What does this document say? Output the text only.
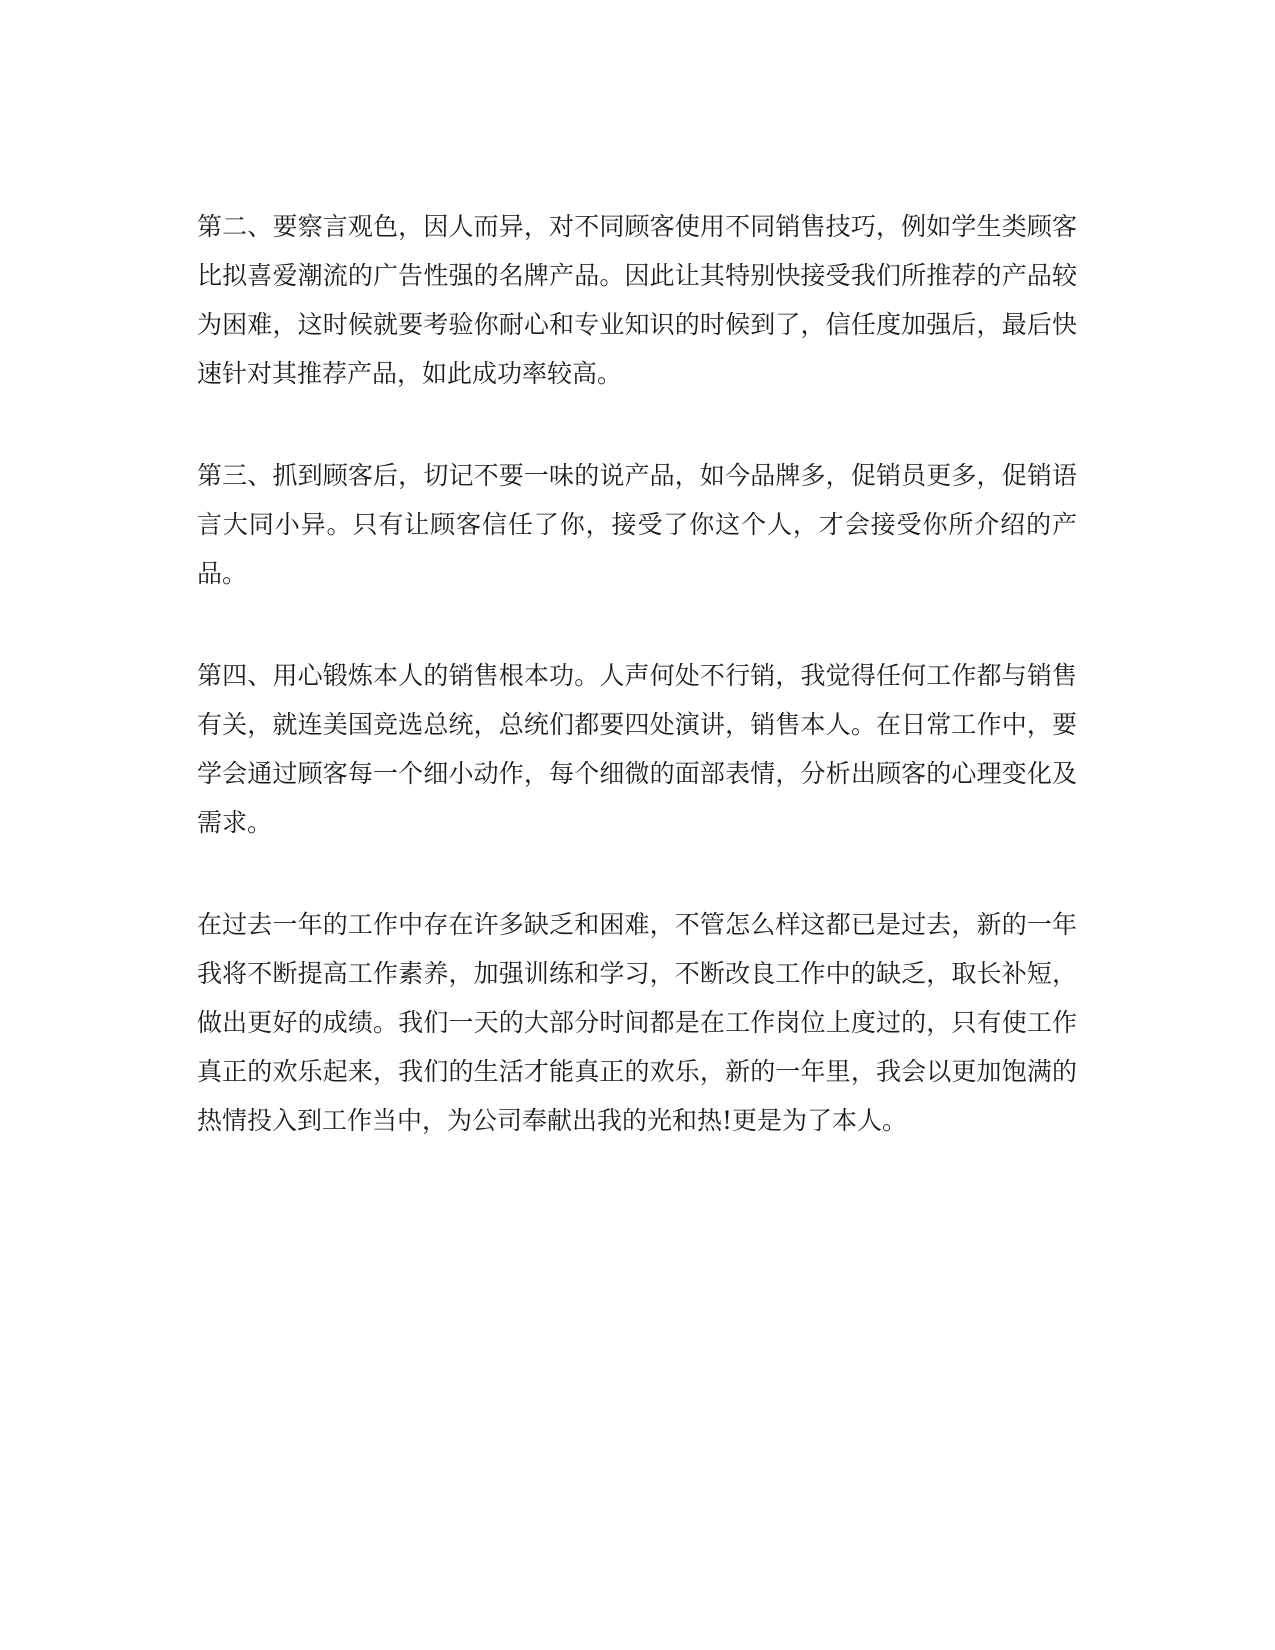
第二、要察言观色，因人而异，对不同顾客使用不同销售技巧，例如学生类顾客比拟喜爱潮流的广告性强的名牌产品。因此让其特别快接受我们所推荐的产品较为困难，这时候就要考验你耐心和专业知识的时候到了，信任度加强后，最后快速针对其推荐产品，如此成功率较高。

第三、抓到顾客后，切记不要一味的说产品，如今品牌多，促销员更多，促销语言大同小异。只有让顾客信任了你，接受了你这个人，才会接受你所介绍的产品。

第四、用心锻炼本人的销售根本功。人声何处不行销，我觉得任何工作都与销售有关，就连美国竞选总统，总统们都要四处演讲，销售本人。在日常工作中，要学会通过顾客每一个细小动作，每个细微的面部表情，分析出顾客的心理变化及需求。

在过去一年的工作中存在许多缺乏和困难，不管怎么样这都已是过去，新的一年我将不断提高工作素养，加强训练和学习，不断改良工作中的缺乏，取长补短，做出更好的成绩。我们一天的大部分时间都是在工作岗位上度过的，只有使工作真正的欢乐起来，我们的生活才能真正的欢乐，新的一年里，我会以更加饱满的热情投入到工作当中，为公司奉献出我的光和热!更是为了本人。
